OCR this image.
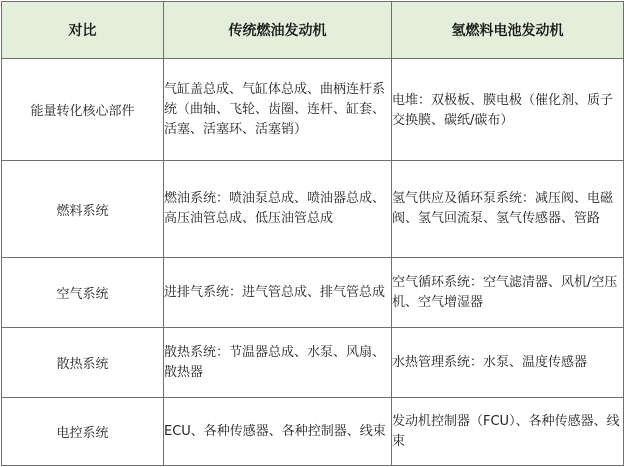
对比	传统燃油发动机	氢燃料电池发动机
能量转化核心部件	气缸盖总成、气缸体总成、曲柄连杆系统（曲轴、飞轮、齿圈、连杆、缸套、活塞、活塞环、活塞销）	电堆：双极板、膜电极（催化剂、质子交换膜、碳纸/碳布）
燃料系统	燃油系统：喷油泵总成、喷油器总成、高压油管总成、低压油管总成	氢气供应及循环泵系统：减压阀、电磁阀、氢气回流泵、氢气传感器、管路
空气系统	进排气系统：进气管总成、排气管总成	空气循环系统：空气滤清器、风机/空压机、空气增湿器
散热系统	散热系统：节温器总成、水泵、风扇、散热器	水热管理系统：水泵、温度传感器
电控系统	ECU、各种传感器、各种控制器、线束	发动机控制器（FCU）、各种传感器、线束
